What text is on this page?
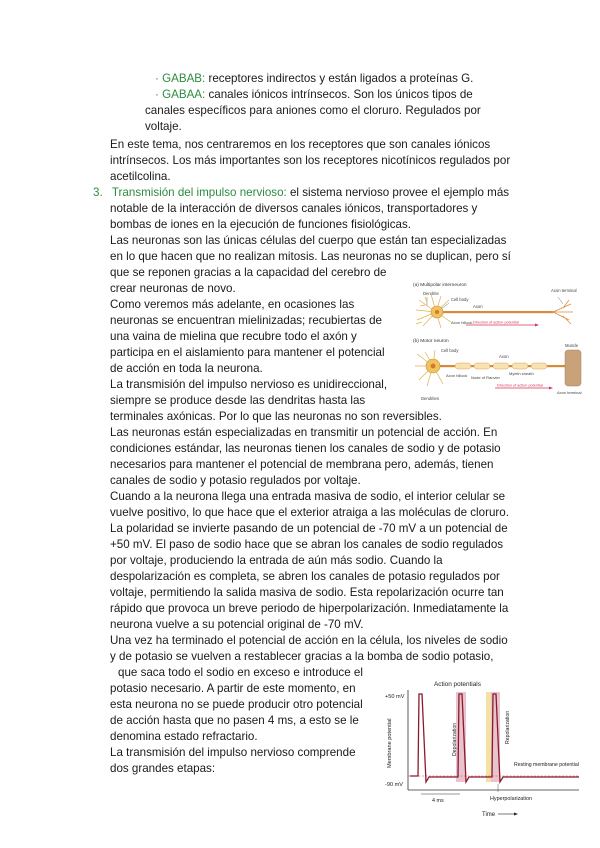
· GABAB: receptores indirectos y están ligados a proteínas G.
· GABAA: canales iónicos intrínsecos. Son los únicos tipos de
canales específicos para aniones como el cloruro. Regulados por
voltaje.
En este tema, nos centraremos en los receptores que son canales iónicos
intrínsecos. Los más importantes son los receptores nicotínicos regulados por
acetilcolina.
3. Transmisión del impulso nervioso: el sistema nervioso provee el ejemplo más
notable de la interacción de diversos canales iónicos, transportadores y
bombas de iones en la ejecución de funciones fisiológicas.
Las neuronas son las únicas células del cuerpo que están tan especializadas
en lo que hacen que no realizan mitosis. Las neuronas no se duplican, pero sí
que se reponen gracias a la capacidad del cerebro de
crear neuronas de novo.
Como veremos más adelante, en ocasiones las
neuronas se encuentran mielinizadas; recubiertas de
una vaina de mielina que recubre todo el axón y
participa en el aislamiento para mantener el potencial
de acción en toda la neurona.
La transmisión del impulso nervioso es unidireccional,
siempre se produce desde las dendritas hasta las
terminales axónicas. Por lo que las neuronas no son reversibles.
Las neuronas están especializadas en transmitir un potencial de acción. En
condiciones estándar, las neuronas tienen los canales de sodio y de potasio
necesarios para mantener el potencial de membrana pero, además, tienen
canales de sodio y potasio regulados por voltaje.
Cuando a la neurona llega una entrada masiva de sodio, el interior celular se
vuelve positivo, lo que hace que el exterior atraiga a las moléculas de cloruro.
La polaridad se invierte pasando de un potencial de -70 mV a un potencial de
+50 mV. El paso de sodio hace que se abran los canales de sodio regulados
por voltaje, produciendo la entrada de aún más sodio. Cuando la
despolarización es completa, se abren los canales de potasio regulados por
voltaje, permitiendo la salida masiva de sodio. Esta repolarización ocurre tan
rápido que provoca un breve periodo de hiperpolarización. Inmediatamente la
neurona vuelve a su potencial original de -70 mV.
Una vez ha terminado el potencial de acción en la célula, los niveles de sodio
y de potasio se vuelven a restablecer gracias a la bomba de sodio potasio,
que saca todo el sodio en exceso e introduce el
potasio necesario. A partir de este momento, en
esta neurona no se puede producir otro potencial
de acción hasta que no pasen 4 ms, a esto se le
denomina estado refractario.
La transmisión del impulso nervioso comprende
dos grandes etapas:
(a) Multipolar interneuron
Dendrite
Cell body
Axon
Axon hillock
Axon terminal
Direction of action potential
(b) Motor neuron
Cell body
Axon
Axon hillock Node of Ranvier
Myelin sheath
Muscle
Axon terminal
Dendrites
Direction of action potential
Action potentials
+50 mV
-90 mV
Membrane potential	Depolarization	Repolarization
Resting membrane potential
Hyperpolarization
4 ms
Time
